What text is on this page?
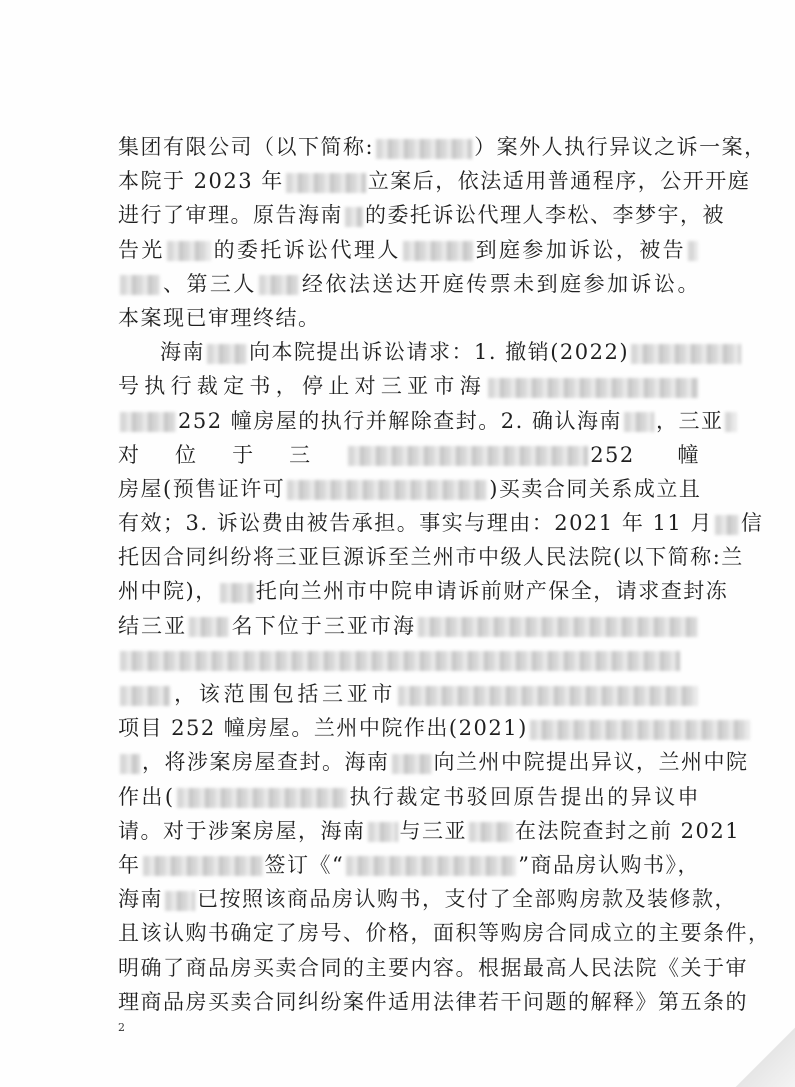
集团有限公司（以下简称:	）案外人执行异议之诉一案，
本院于 2023 年	立案后，依法适用普通程序，公开开庭
进行了审理。原告海南 的委托诉讼代理人李松、李梦宇，被
告光 的委托诉讼代理人	到庭参加诉讼，被告
、第三人 经依法送达开庭传票未到庭参加诉讼。
本案现已审理终结。
海南 向本院提出诉讼请求：1. 撤销(2022)
号执行裁定书，停止对三亚市海
252 幢房屋的执行并解除查封。2. 确认海南 ，三亚
对位于三	252 幢
房屋(预售证许可	)买卖合同关系成立且
有效；3. 诉讼费由被告承担。事实与理由：2021 年 11 月 信
托因合同纠纷将三亚巨源诉至兰州市中级人民法院(以下简称:兰
州中院)， 托向兰州市中院申请诉前财产保全，请求查封冻
结三亚 名下位于三亚市海
，该范围包括三亚市
项目 252 幢房屋。兰州中院作出(2021)
，将涉案房屋查封。海南 向兰州中院提出异议，兰州中院
作出(	执行裁定书驳回原告提出的异议申
请。对于涉案房屋，海南 与三亚 在法院查封之前 2021
年	签订《“	”商品房认购书》，
海南 已按照该商品房认购书，支付了全部购房款及装修款，
且该认购书确定了房号、价格，面积等购房合同成立的主要条件，
明确了商品房买卖合同的主要内容。根据最高人民法院《关于审
理商品房买卖合同纠纷案件适用法律若干问题的解释》第五条的
2
